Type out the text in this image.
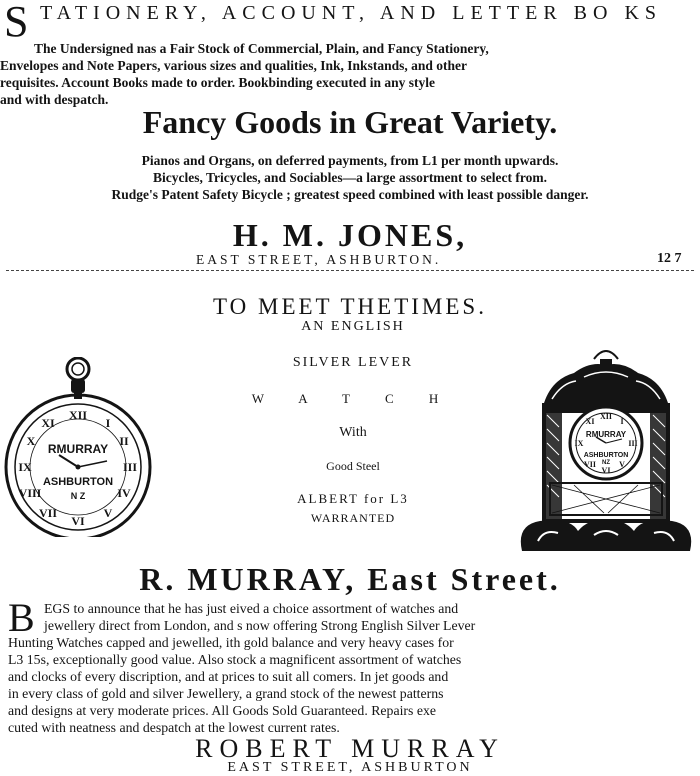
S TATIONERY, ACCOUNT, AND LETTER BO KS
The Undersigned nas a Fair Stock of Commercial, Plain, and Fancy Stationery,
Envelopes and Note Papers, various sizes and qualities, Ink, Inkstands, and other
requisites. Account Books made to order. Bookbinding executed in any style
and with despatch.
Fancy Goods in Great Variety.
Pianos and Organs, on deferred payments, from L1 per month upwards.
Bicycles, Tricycles, and Sociables—a large assortment to select from.
Rudge's Patent Safety Bicycle ; greatest speed combined with least possible danger.
H. M. JONES,
EAST STREET, ASHBURTON.	12 7
TO MEET THETIMES.
AN ENGLISH
SILVER LEVER
W A T C H
With
Good Steel
ALBERT for L3
WARRANTED
XII
I
II
III
IV
V
VI
VII
VIII
IX
X
XI
RMURRAY
ASHBURTON
N Z
XII
III
VI
IX
I
XI
V
VII
RMURRAY
ASHBURTON
NZ
R. MURRAY, East Street.
B EGS to announce that he has just eived a choice assortment of watches and
jewellery direct from London, and s now offering Strong English Silver Lever
Hunting Watches capped and jewelled, ith gold balance and very heavy cases for
L3 15s, exceptionally good value. Also stock a magnificent assortment of watches
and clocks of every discription, and at prices to suit all comers. In jet goods and
in every class of gold and silver Jewellery, a grand stock of the newest patterns
and designs at very moderate prices. All Goods Sold Guaranteed. Repairs exe
cuted with neatness and despatch at the lowest current rates.
ROBERT MURRAY
EAST STREET, ASHBURTON
